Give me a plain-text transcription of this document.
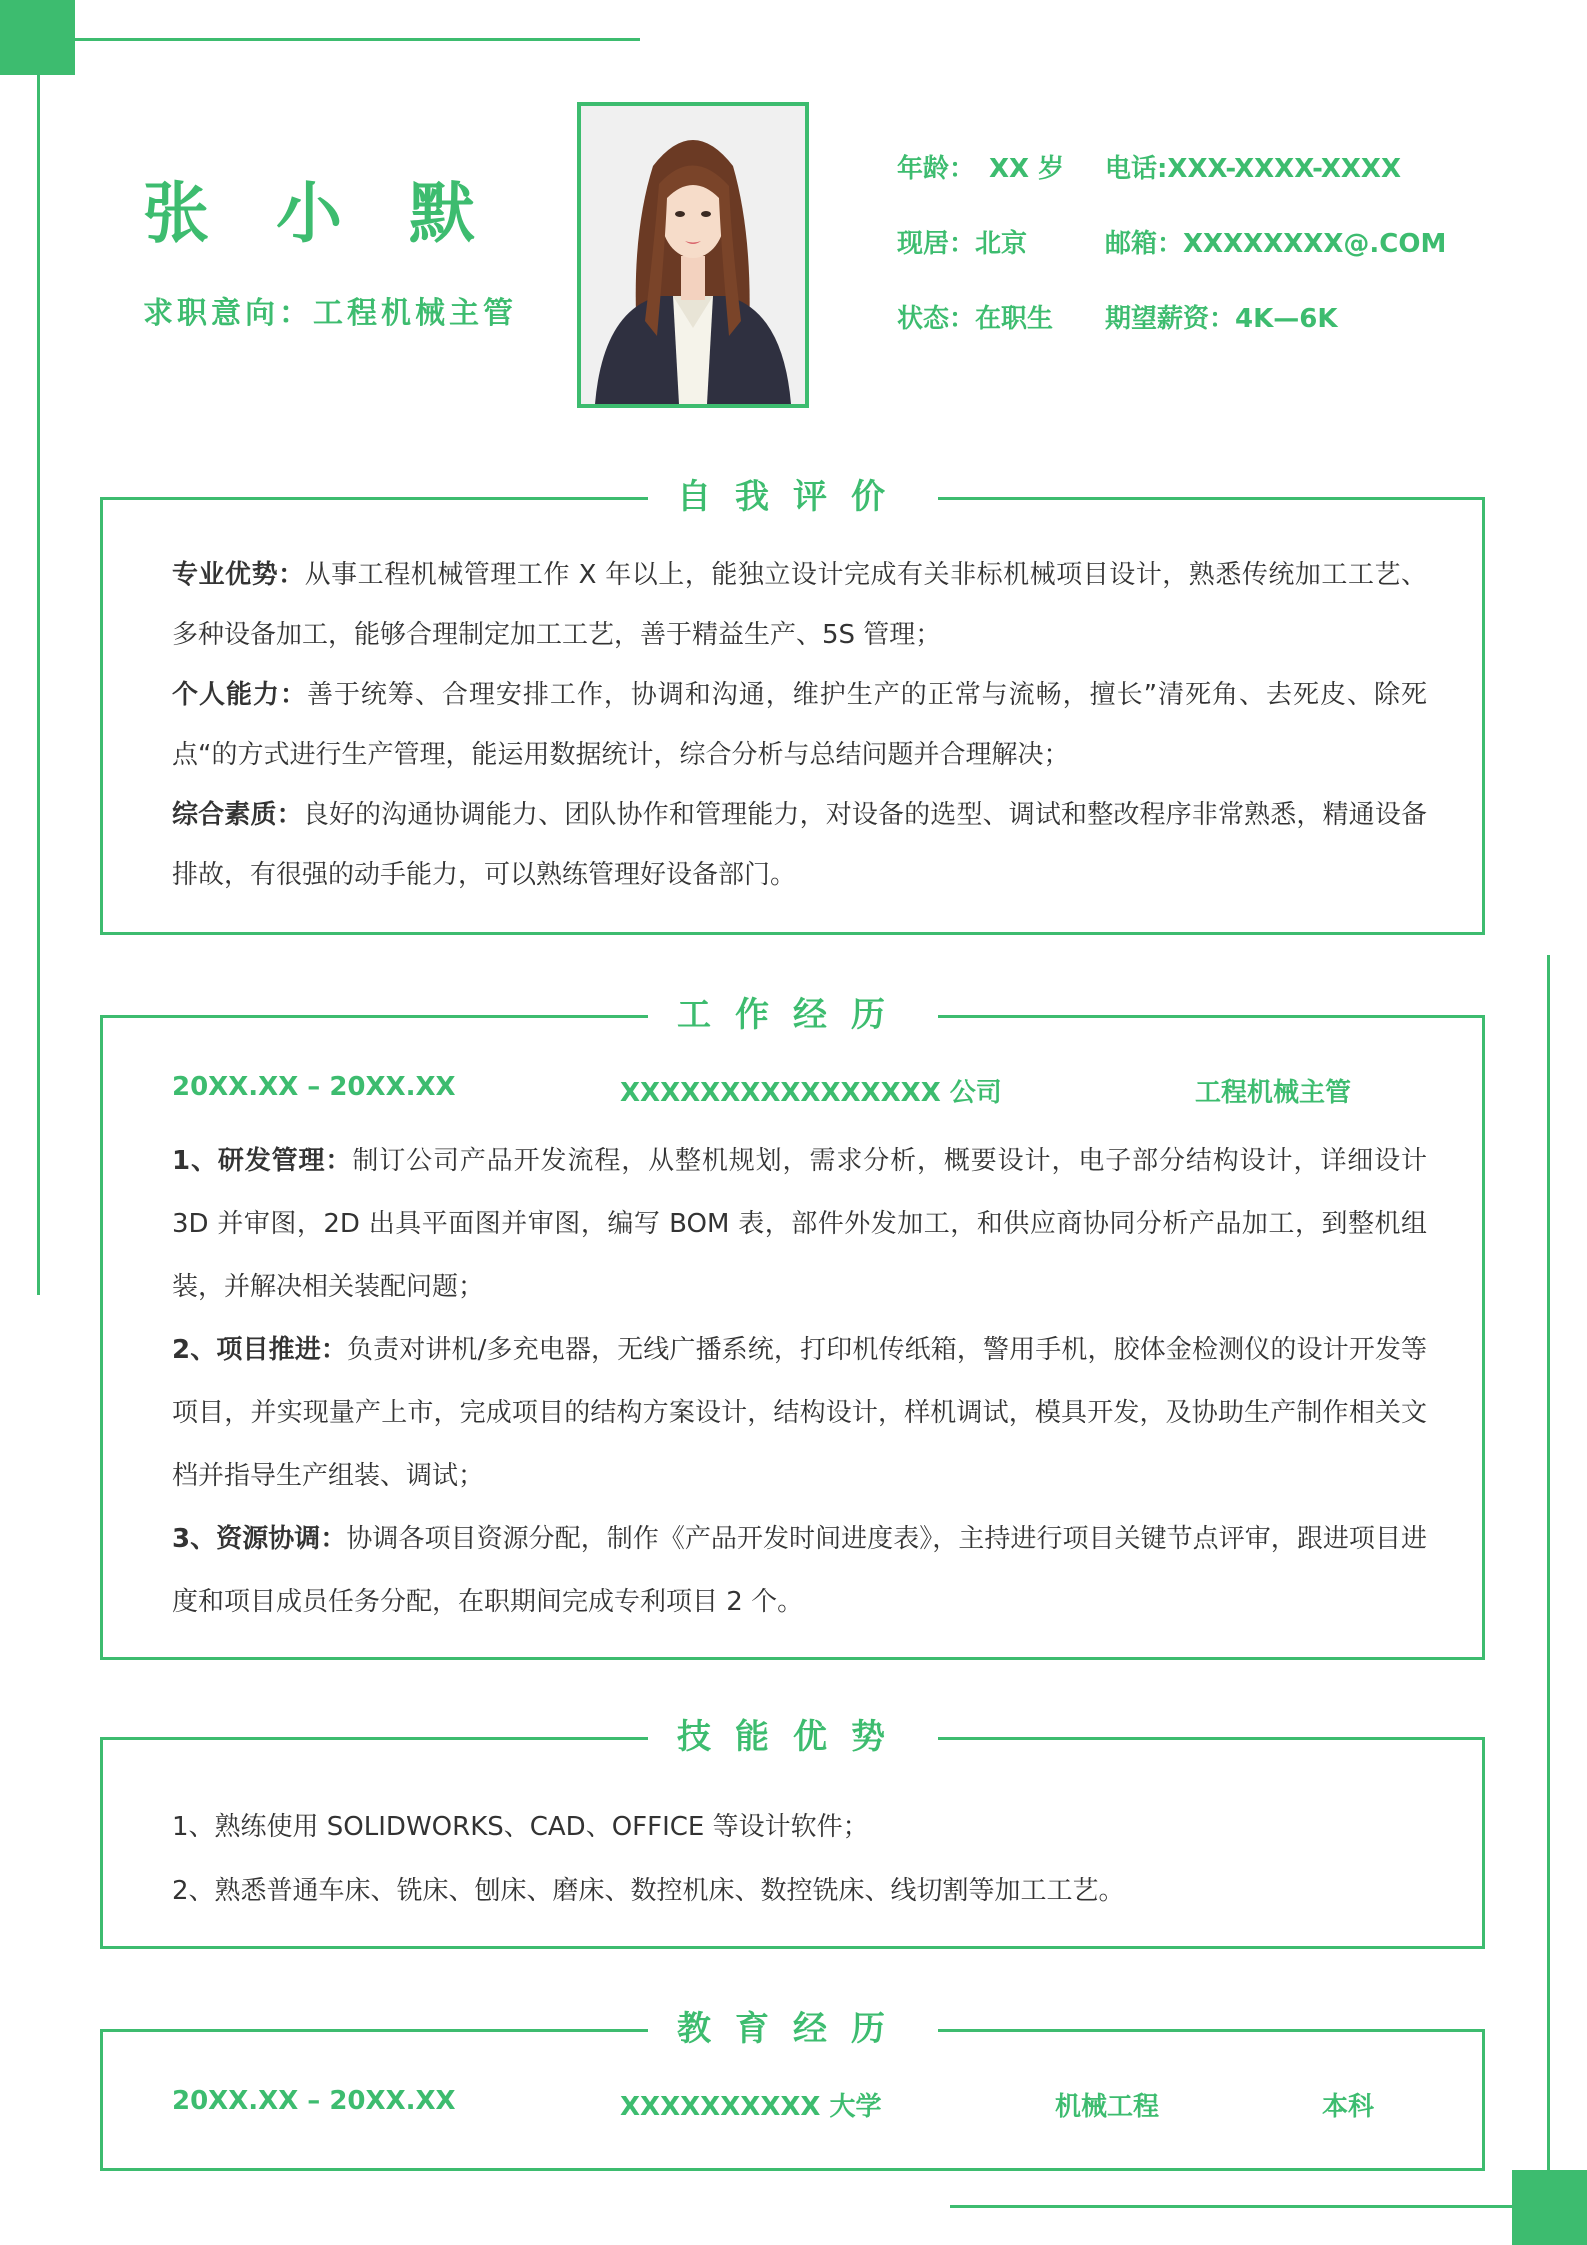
张 小 默
求职意向：工程机械主管
年龄： XX 岁 电话:XXX-XXXX-XXXX
现居：北京	邮箱：XXXXXXXX@.COM
状态：在职生 期望薪资：4K—6K
自我评价
专业优势：从事工程机械管理工作 X 年以上，能独立设计完成有关非标机械项目设计，熟悉传统加工工艺、多种设备加工，能够合理制定加工工艺，善于精益生产、5S 管理；
个人能力：善于统筹、合理安排工作，协调和沟通，维护生产的正常与流畅，擅长”清死角、去死皮、除死点“的方式进行生产管理，能运用数据统计，综合分析与总结问题并合理解决；
综合素质：良好的沟通协调能力、团队协作和管理能力，对设备的选型、调试和整改程序非常熟悉，精通设备排故，有很强的动手能力，可以熟练管理好设备部门。
工作经历
20XX.XX – 20XX.XX	XXXXXXXXXXXXXXXX 公司	工程机械主管
1、研发管理：制订公司产品开发流程，从整机规划，需求分析，概要设计，电子部分结构设计，详细设计 3D 并审图，2D 出具平面图并审图，编写 BOM 表，部件外发加工，和供应商协同分析产品加工，到整机组装，并解决相关装配问题；
2、项目推进：负责对讲机/多充电器，无线广播系统，打印机传纸箱，警用手机，胶体金检测仪的设计开发等项目，并实现量产上市，完成项目的结构方案设计，结构设计，样机调试，模具开发，及协助生产制作相关文档并指导生产组装、调试；
3、资源协调：协调各项目资源分配，制作《产品开发时间进度表》，主持进行项目关键节点评审，跟进项目进度和项目成员任务分配，在职期间完成专利项目 2 个。
技能优势
1、熟练使用 SOLIDWORKS、CAD、OFFICE 等设计软件；
2、熟悉普通车床、铣床、刨床、磨床、数控机床、数控铣床、线切割等加工工艺。
教育经历
20XX.XX – 20XX.XX	XXXXXXXXXX 大学	机械工程	本科
